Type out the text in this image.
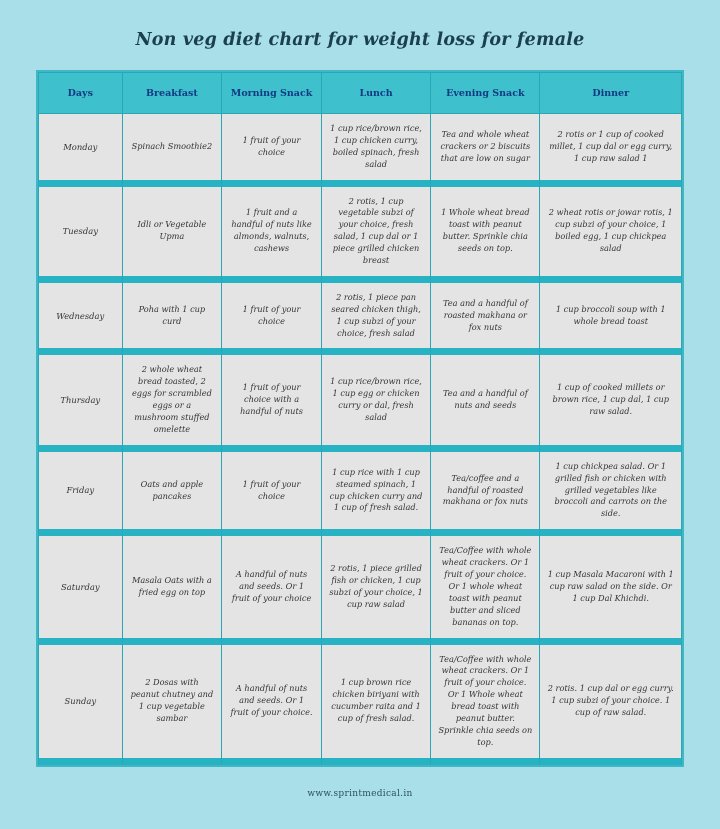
Non veg diet chart for weight loss for female
Days	Breakfast	Morning Snack	Lunch	Evening Snack	Dinner
Monday	Spinach Smoothie2	1 fruit of your choice	1 cup rice/brown rice, 1 cup chicken curry, boiled spinach, fresh salad	Tea and whole wheat crackers or 2 biscuits that are low on sugar	2 rotis or 1 cup of cooked millet, 1 cup dal or egg curry, 1 cup raw salad 1

Tuesday	Idli or Vegetable Upma	1 fruit and a handful of nuts like almonds, walnuts, cashews	2 rotis, 1 cup vegetable subzi of your choice, fresh salad, 1 cup dal or 1 piece grilled chicken breast	1 Whole wheat bread toast with peanut butter. Sprinkle chia seeds on top.	2 wheat rotis or jowar rotis, 1 cup subzi of your choice, 1 boiled egg, 1 cup chickpea salad

Wednesday	Poha with 1 cup curd	1 fruit of your choice	2 rotis, 1 piece pan seared chicken thigh, 1 cup subzi of your choice, fresh salad	Tea and a handful of roasted makhana or fox nuts	1 cup broccoli soup with 1 whole bread toast

Thursday	2 whole wheat bread toasted, 2 eggs for scrambled eggs or a mushroom stuffed omelette	1 fruit of your choice with a handful of nuts	1 cup rice/brown rice, 1 cup egg or chicken curry or dal, fresh salad	Tea and a handful of nuts and seeds	1 cup of cooked millets or brown rice, 1 cup dal, 1 cup raw salad.

Friday	Oats and apple pancakes	1 fruit of your choice	1 cup rice with 1 cup steamed spinach, 1 cup chicken curry and 1 cup of fresh salad.	Tea/coffee and a handful of roasted makhana or fox nuts	1 cup chickpea salad. Or 1 grilled fish or chicken with grilled vegetables like broccoli and carrots on the side.

Saturday	Masala Oats with a fried egg on top	A handful of nuts and seeds. Or 1 fruit of your choice	2 rotis, 1 piece grilled fish or chicken, 1 cup subzi of your choice, 1 cup raw salad	Tea/Coffee with whole wheat crackers. Or 1 fruit of your choice. Or 1 whole wheat toast with peanut butter and sliced bananas on top.	1 cup Masala Macaroni with 1 cup raw salad on the side. Or 1 cup Dal Khichdi.

Sunday	2 Dosas with peanut chutney and 1 cup vegetable sambar	A handful of nuts and seeds. Or 1 fruit of your choice.	1 cup brown rice chicken biriyani with cucumber raita and 1 cup of fresh salad.	Tea/Coffee with whole wheat crackers. Or 1 fruit of your choice. Or 1 Whole wheat bread toast with peanut butter. Sprinkle chia seeds on top.	2 rotis. 1 cup dal or egg curry. 1 cup subzi of your choice. 1 cup of raw salad.

www.sprintmedical.in
